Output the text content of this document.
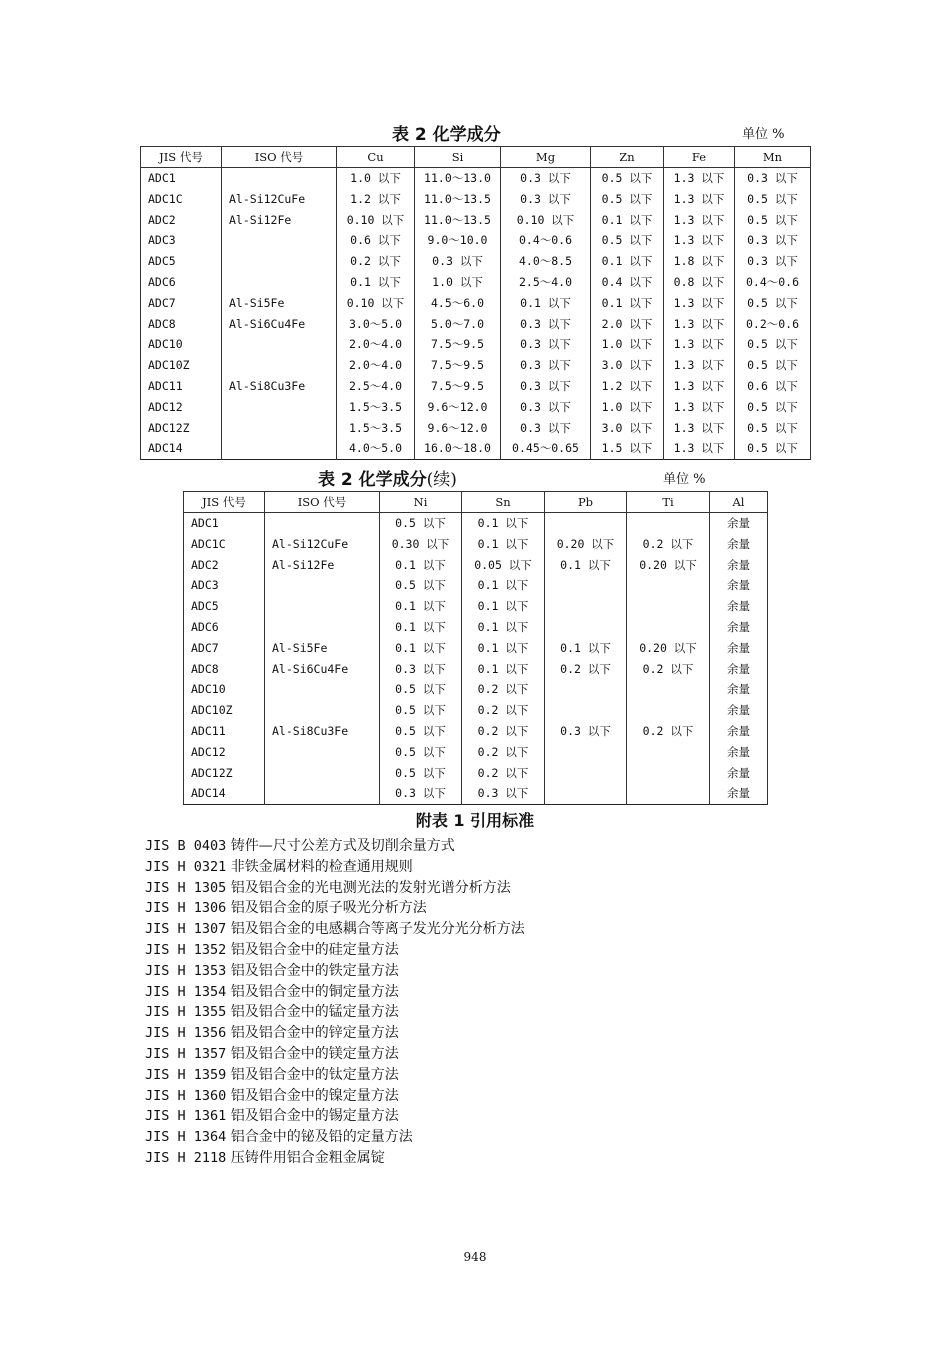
表 2 化学成分	单位 %
JIS 代号	ISO 代号	Cu	Si	Mg	Zn	Fe	Mn
ADC1		1.0 以下	11.0～13.0	0.3 以下	0.5 以下	1.3 以下	0.3 以下
ADC1C	Al-Si12CuFe	1.2 以下	11.0～13.5	0.3 以下	0.5 以下	1.3 以下	0.5 以下
ADC2	Al-Si12Fe	0.10 以下	11.0～13.5	0.10 以下	0.1 以下	1.3 以下	0.5 以下
ADC3		0.6 以下	9.0～10.0	0.4～0.6	0.5 以下	1.3 以下	0.3 以下
ADC5		0.2 以下	0.3 以下	4.0～8.5	0.1 以下	1.8 以下	0.3 以下
ADC6		0.1 以下	1.0 以下	2.5～4.0	0.4 以下	0.8 以下	0.4～0.6
ADC7	Al-Si5Fe	0.10 以下	4.5～6.0	0.1 以下	0.1 以下	1.3 以下	0.5 以下
ADC8	Al-Si6Cu4Fe	3.0～5.0	5.0～7.0	0.3 以下	2.0 以下	1.3 以下	0.2～0.6
ADC10		2.0～4.0	7.5～9.5	0.3 以下	1.0 以下	1.3 以下	0.5 以下
ADC10Z		2.0～4.0	7.5～9.5	0.3 以下	3.0 以下	1.3 以下	0.5 以下
ADC11	Al-Si8Cu3Fe	2.5～4.0	7.5～9.5	0.3 以下	1.2 以下	1.3 以下	0.6 以下
ADC12		1.5～3.5	9.6～12.0	0.3 以下	1.0 以下	1.3 以下	0.5 以下
ADC12Z		1.5～3.5	9.6～12.0	0.3 以下	3.0 以下	1.3 以下	0.5 以下
ADC14		4.0～5.0	16.0～18.0	0.45～0.65	1.5 以下	1.3 以下	0.5 以下
表 2 化学成分(续)	单位 %
JIS 代号	ISO 代号	Ni	Sn	Pb	Ti	Al
ADC1		0.5 以下	0.1 以下			余量
ADC1C	Al-Si12CuFe	0.30 以下	0.1 以下	0.20 以下	0.2 以下	余量
ADC2	Al-Si12Fe	0.1 以下	0.05 以下	0.1 以下	0.20 以下	余量
ADC3		0.5 以下	0.1 以下			余量
ADC5		0.1 以下	0.1 以下			余量
ADC6		0.1 以下	0.1 以下			余量
ADC7	Al-Si5Fe	0.1 以下	0.1 以下	0.1 以下	0.20 以下	余量
ADC8	Al-Si6Cu4Fe	0.3 以下	0.1 以下	0.2 以下	0.2 以下	余量
ADC10		0.5 以下	0.2 以下			余量
ADC10Z		0.5 以下	0.2 以下			余量
ADC11	Al-Si8Cu3Fe	0.5 以下	0.2 以下	0.3 以下	0.2 以下	余量
ADC12		0.5 以下	0.2 以下			余量
ADC12Z		0.5 以下	0.2 以下			余量
ADC14		0.3 以下	0.3 以下			余量
附表 1 引用标准
JIS B 0403 铸件—尺寸公差方式及切削余量方式
JIS H 0321 非铁金属材料的检查通用规则
JIS H 1305 铝及铝合金的光电测光法的发射光谱分析方法
JIS H 1306 铝及铝合金的原子吸光分析方法
JIS H 1307 铝及铝合金的电感耦合等离子发光分光分析方法
JIS H 1352 铝及铝合金中的硅定量方法
JIS H 1353 铝及铝合金中的铁定量方法
JIS H 1354 铝及铝合金中的铜定量方法
JIS H 1355 铝及铝合金中的锰定量方法
JIS H 1356 铝及铝合金中的锌定量方法
JIS H 1357 铝及铝合金中的镁定量方法
JIS H 1359 铝及铝合金中的钛定量方法
JIS H 1360 铝及铝合金中的镍定量方法
JIS H 1361 铝及铝合金中的锡定量方法
JIS H 1364 铝合金中的铋及铅的定量方法
JIS H 2118 压铸件用铝合金粗金属锭
948
